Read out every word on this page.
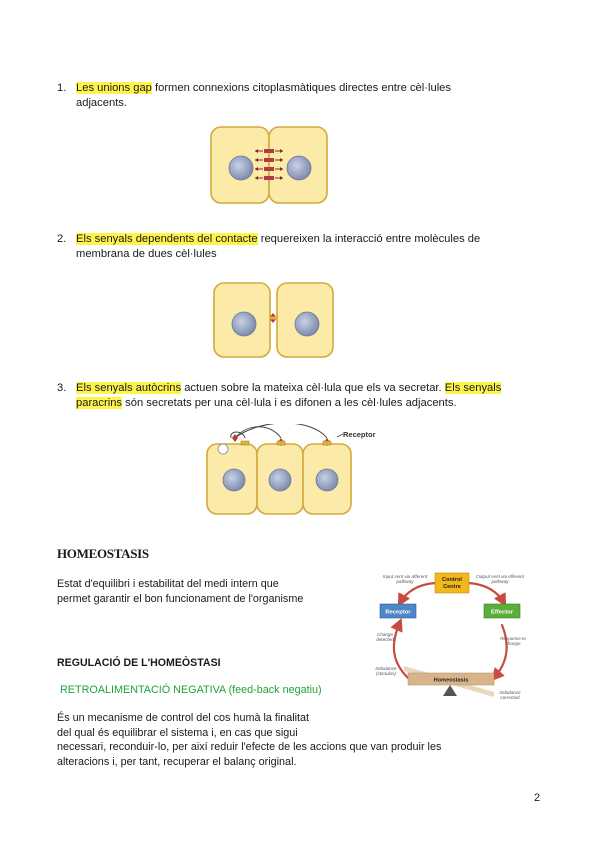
1. Les unions gap formen connexions citoplasmàtiques directes entre cèl·lules
adjacents.
2. Els senyals dependents del contacte requereixen la interacció entre molècules de
membrana de dues cèl·lules
3. Els senyals autòcrins actuen sobre la mateixa cèl·lula que els va secretar. Els senyals
paracrins són secretats per una cèl·lula i es difonen a les cèl·lules adjacents.
Receptor
HOMEOSTASIS
Estat d'equilibri i estabilitat del medi intern que
permet garantir el bon funcionament de l'organisme
REGULACIÓ DE L'HOMEÒSTASI
RETROALIMENTACIÓ NEGATIVA (feed-back negatiu)
És un mecanisme de control del cos humà la finalitat
del qual és equilibrar el sistema i, en cas que sigui
necessari, reconduir-lo, per així reduir l'efecte de les accions que van produir les
alteracions i, per tant, recuperar el balanç original.
Control Centre
Receptor	Effector
Input sent via afferent pathway
Output sent via efferent pathway
Change detected	Response to change
Imbalance (stimulus)
Imbalance corrected
Homeostasis
2
